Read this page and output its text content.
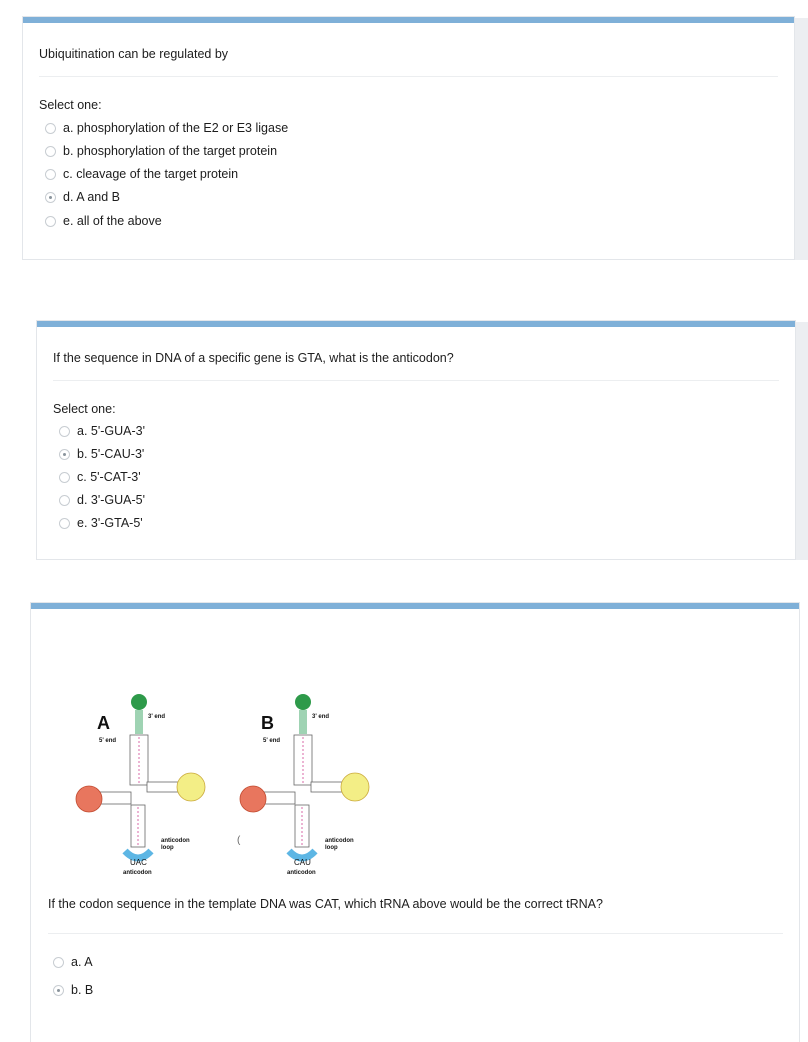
Ubiquitination can be regulated by
Select one:
a. phosphorylation of the E2 or E3 ligase
b. phosphorylation of the target protein
c. cleavage of the target protein
d. A and B
e. all of the above
If the sequence in DNA of a specific gene is GTA, what is the anticodon?
Select one:
a. 5'-GUA-3'
b. 5'-CAU-3'
c. 5'-CAT-3'
d. 3'-GUA-5'
e. 3'-GTA-5'
A	3' end
5' end
anticodon
loop
UAC
anticodon
(
B	3' end
5' end
anticodon
loop
CAU
anticodon
If the codon sequence in the template DNA was CAT, which tRNA above would be the correct tRNA?
a. A
b. B
